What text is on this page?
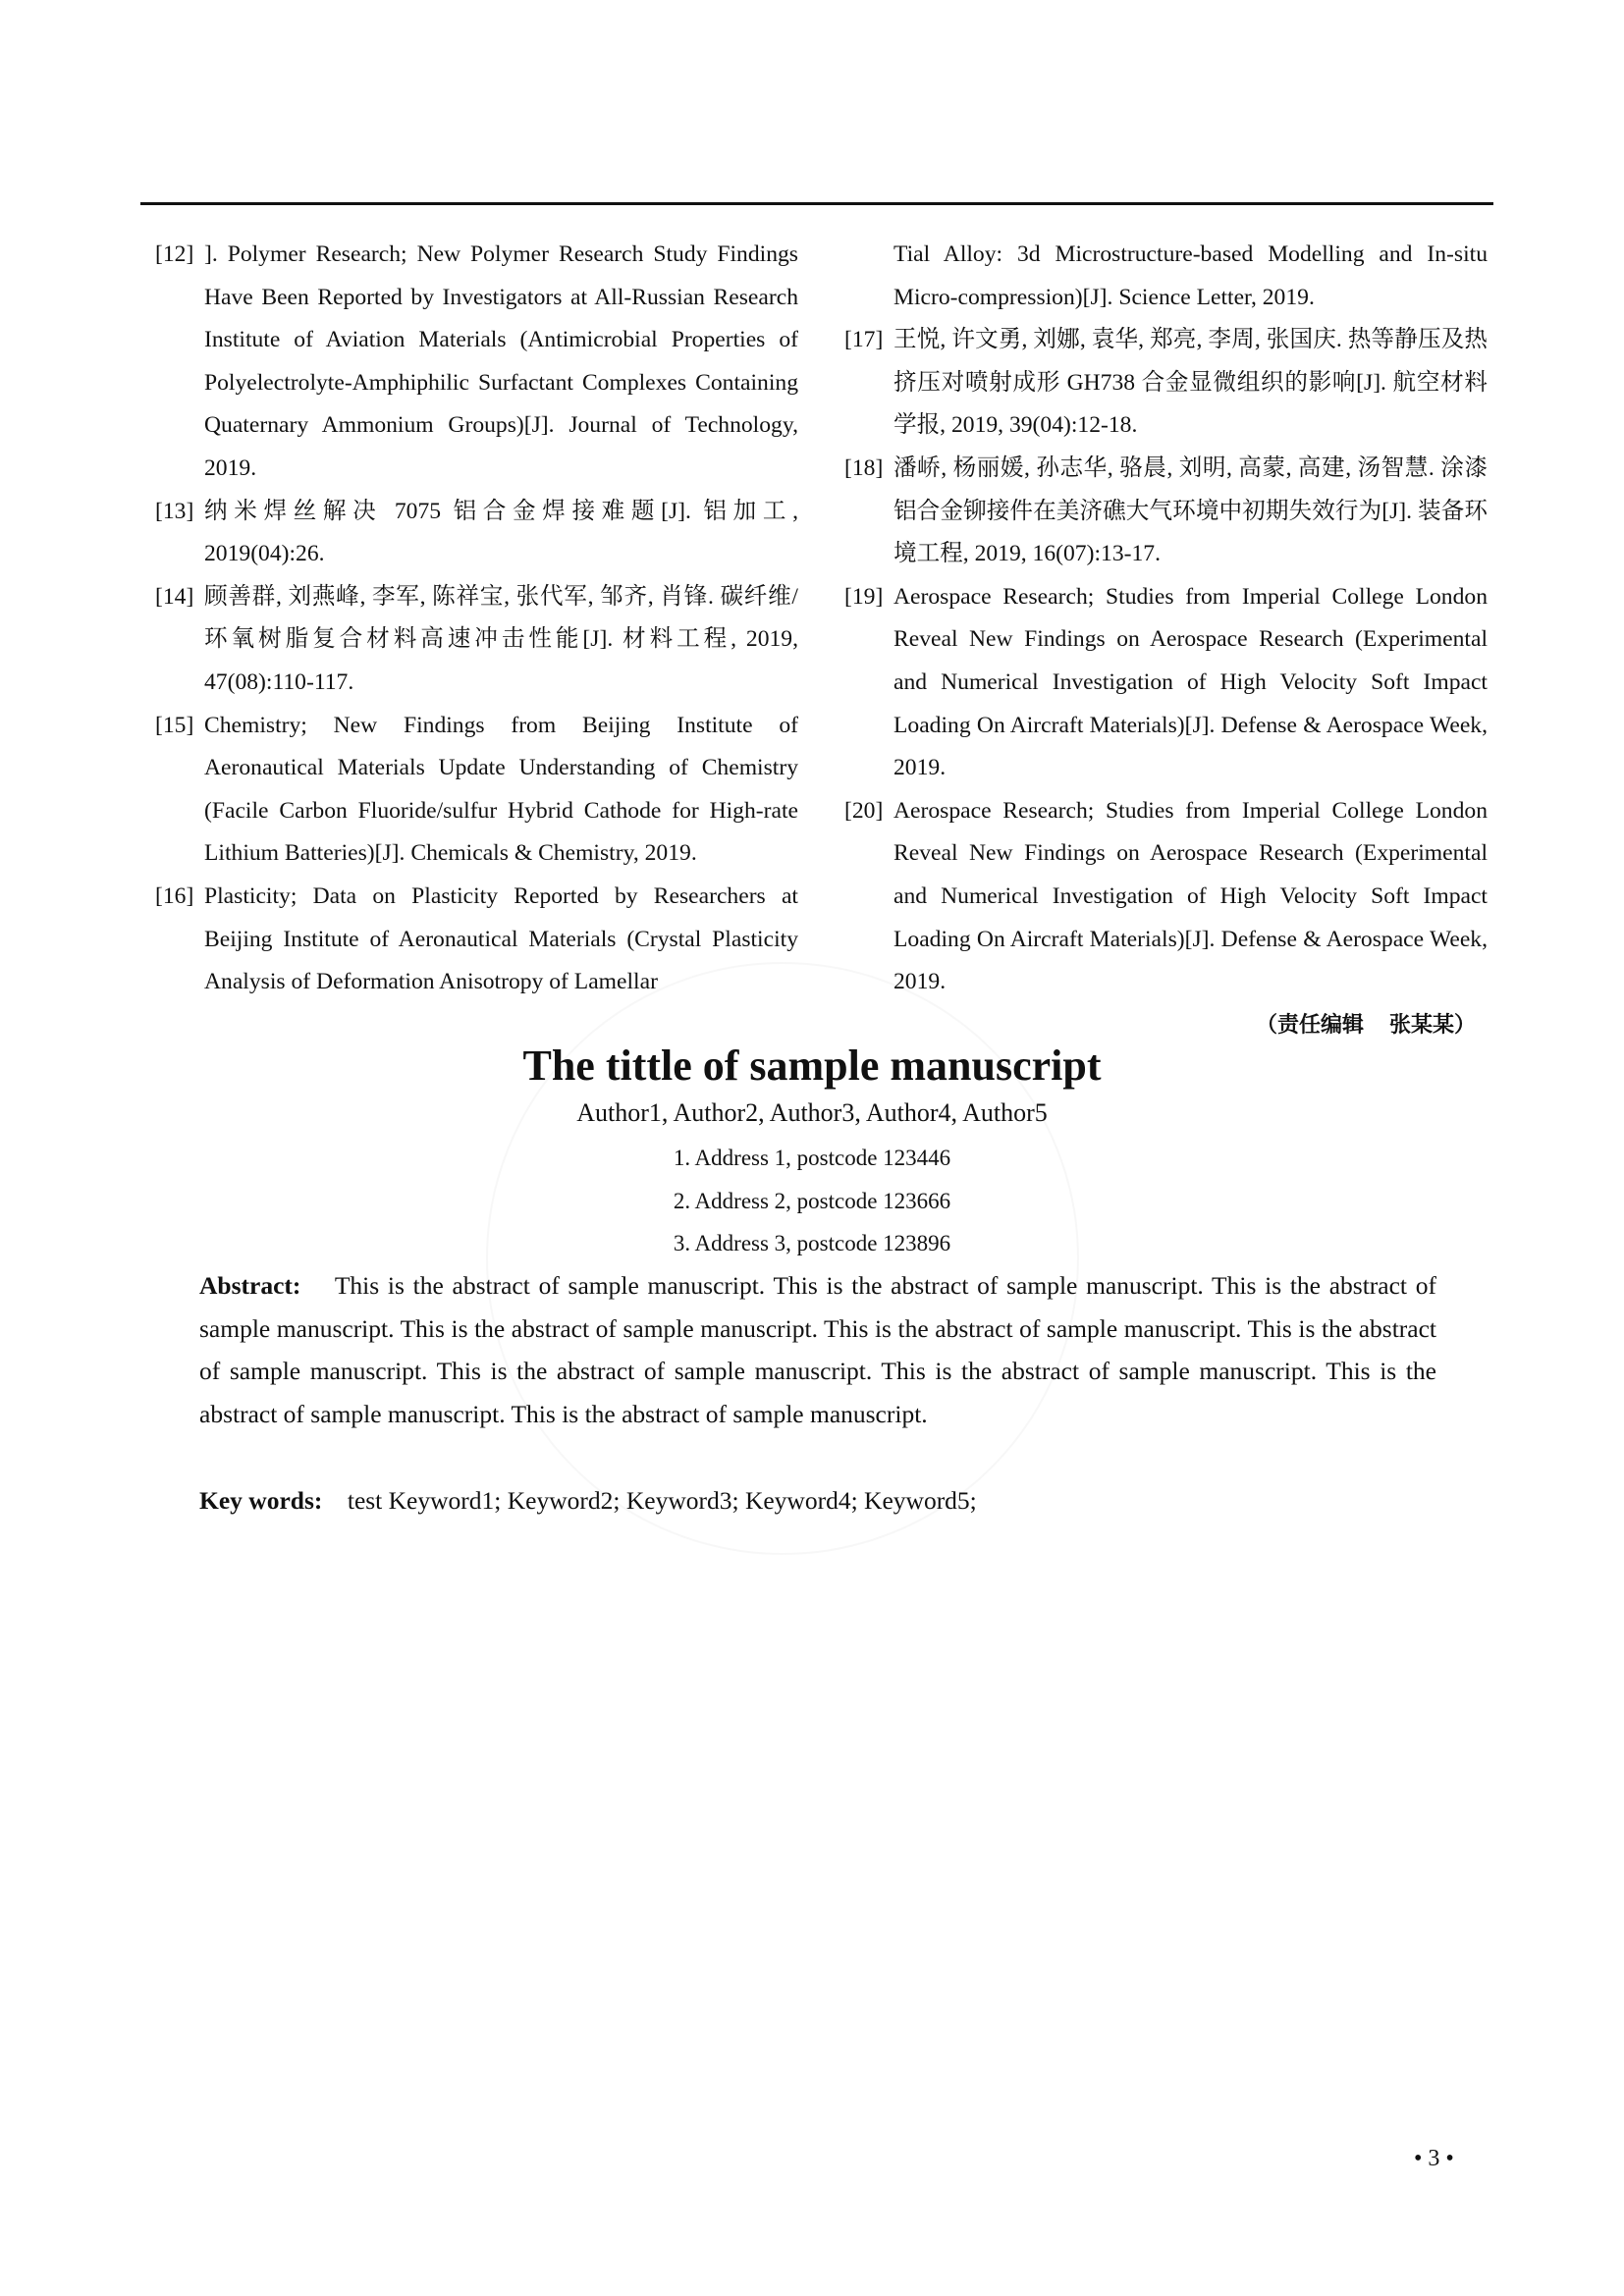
[12] ]. Polymer Research; New Polymer Research Study Findings Have Been Reported by Investigators at All-Russian Research Institute of Aviation Materials (Antimicrobial Properties of Polyelectrolyte-Amphiphilic Surfactant Complexes Containing Quaternary Ammonium Groups)[J]. Journal of Technology, 2019.
[13] 纳米焊丝解决 7075 铝合金焊接难题[J]. 铝加工, 2019(04):26.
[14] 顾善群, 刘燕峰, 李军, 陈祥宝, 张代军, 邹齐, 肖锋. 碳纤维/环氧树脂复合材料高速冲击性能[J]. 材料工程, 2019, 47(08):110-117.
[15] Chemistry; New Findings from Beijing Institute of Aeronautical Materials Update Understanding of Chemistry (Facile Carbon Fluoride/sulfur Hybrid Cathode for High-rate Lithium Batteries)[J]. Chemicals & Chemistry, 2019.
[16] Plasticity; Data on Plasticity Reported by Researchers at Beijing Institute of Aeronautical Materials (Crystal Plasticity Analysis of Deformation Anisotropy of Lamellar
Tial Alloy: 3d Microstructure-based Modelling and In-situ Micro-compression)[J]. Science Letter, 2019.
[17] 王悦, 许文勇, 刘娜, 袁华, 郑亮, 李周, 张国庆. 热等静压及热挤压对喷射成形 GH738 合金显微组织的影响[J]. 航空材料学报, 2019, 39(04):12-18.
[18] 潘峤, 杨丽媛, 孙志华, 骆晨, 刘明, 高蒙, 高建, 汤智慧. 涂漆铝合金铆接件在美济礁大气环境中初期失效行为[J]. 装备环境工程, 2019, 16(07):13-17.
[19] Aerospace Research; Studies from Imperial College London Reveal New Findings on Aerospace Research (Experimental and Numerical Investigation of High Velocity Soft Impact Loading On Aircraft Materials)[J]. Defense & Aerospace Week, 2019.
[20] Aerospace Research; Studies from Imperial College London Reveal New Findings on Aerospace Research (Experimental and Numerical Investigation of High Velocity Soft Impact Loading On Aircraft Materials)[J]. Defense & Aerospace Week, 2019.
（责任编辑 张某某）
The tittle of sample manuscript
Author1, Author2, Author3, Author4, Author5
1. Address 1, postcode 123446
2. Address 2, postcode 123666
3. Address 3, postcode 123896
Abstract: This is the abstract of sample manuscript. This is the abstract of sample manuscript. This is the abstract of sample manuscript. This is the abstract of sample manuscript. This is the abstract of sample manuscript. This is the abstract of sample manuscript. This is the abstract of sample manuscript. This is the abstract of sample manuscript. This is the abstract of sample manuscript. This is the abstract of sample manuscript.
Key words: test Keyword1; Keyword2; Keyword3; Keyword4; Keyword5;
• 3 •
